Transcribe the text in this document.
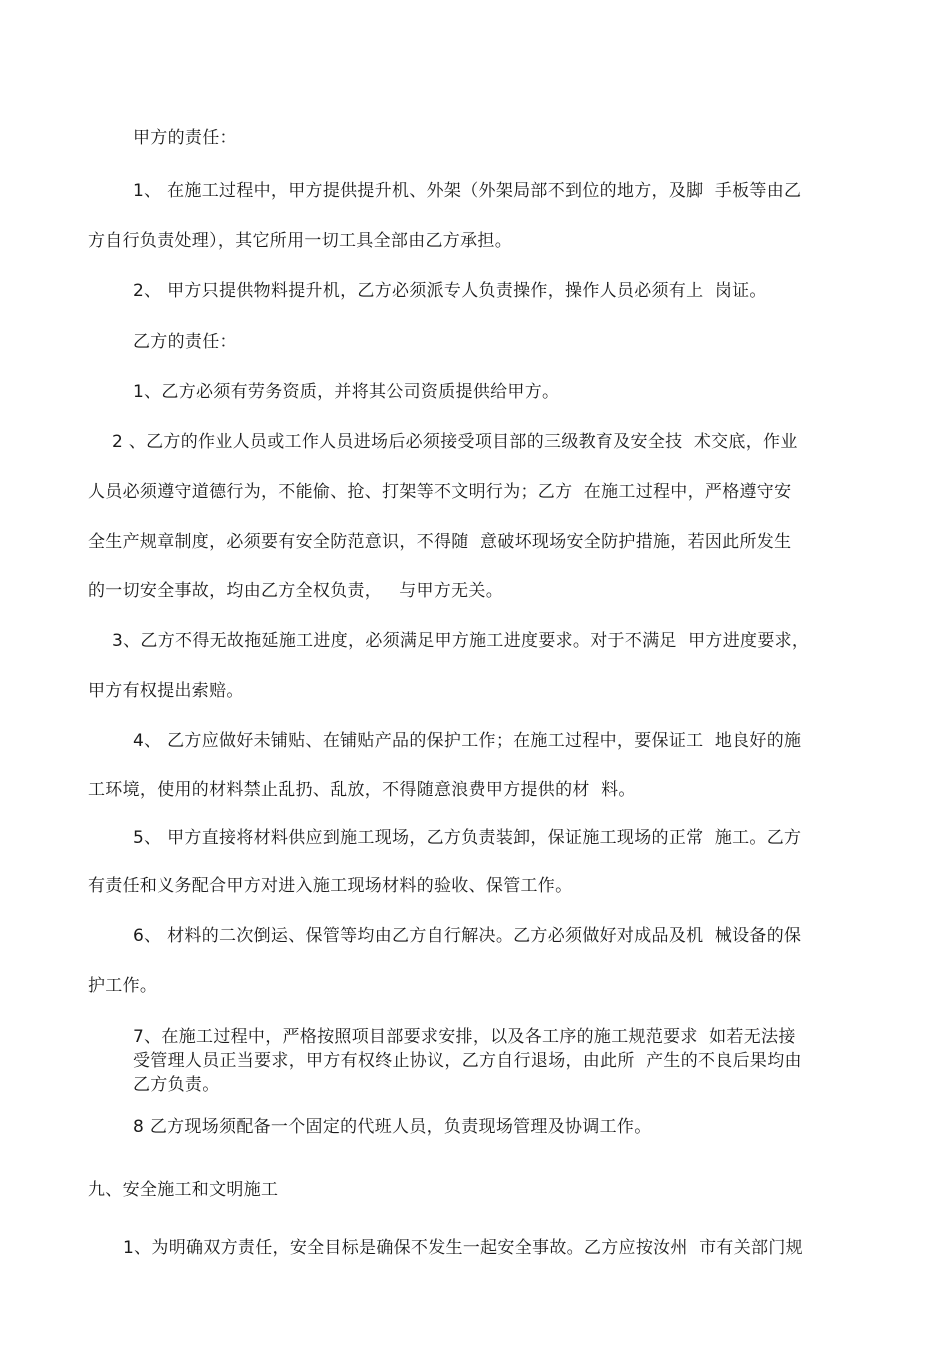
甲方的责任：
1、 在施工过程中，甲方提供提升机、外架（外架局部不到位的地方，及脚  手板等由乙
方自行负责处理），其它所用一切工具全部由乙方承担。
2、 甲方只提供物料提升机，乙方必须派专人负责操作，操作人员必须有上  岗证。
乙方的责任：
1、乙方必须有劳务资质，并将其公司资质提供给甲方。
2 、乙方的作业人员或工作人员进场后必须接受项目部的三级教育及安全技  术交底，作业
人员必须遵守道德行为，不能偷、抢、打架等不文明行为；乙方  在施工过程中，严格遵守安
全生产规章制度，必须要有安全防范意识，不得随  意破坏现场安全防护措施，若因此所发生
的一切安全事故，均由乙方全权负责，   与甲方无关。
3、乙方不得无故拖延施工进度，必须满足甲方施工进度要求。对于不满足  甲方进度要求，
甲方有权提出索赔。
4、 乙方应做好未铺贴、在铺贴产品的保护工作；在施工过程中，要保证工  地良好的施
工环境，使用的材料禁止乱扔、乱放，不得随意浪费甲方提供的材  料。
5、 甲方直接将材料供应到施工现场，乙方负责装卸，保证施工现场的正常  施工。乙方
有责任和义务配合甲方对进入施工现场材料的验收、保管工作。
6、 材料的二次倒运、保管等均由乙方自行解决。乙方必须做好对成品及机  械设备的保
护工作。
7、在施工过程中，严格按照项目部要求安排，以及各工序的施工规范要求  如若无法接
受管理人员正当要求，甲方有权终止协议，乙方自行退场，由此所  产生的不良后果均由
乙方负责。
8 乙方现场须配备一个固定的代班人员，负责现场管理及协调工作。
九、安全施工和文明施工
1、为明确双方责任，安全目标是确保不发生一起安全事故。乙方应按汝州  市有关部门规
